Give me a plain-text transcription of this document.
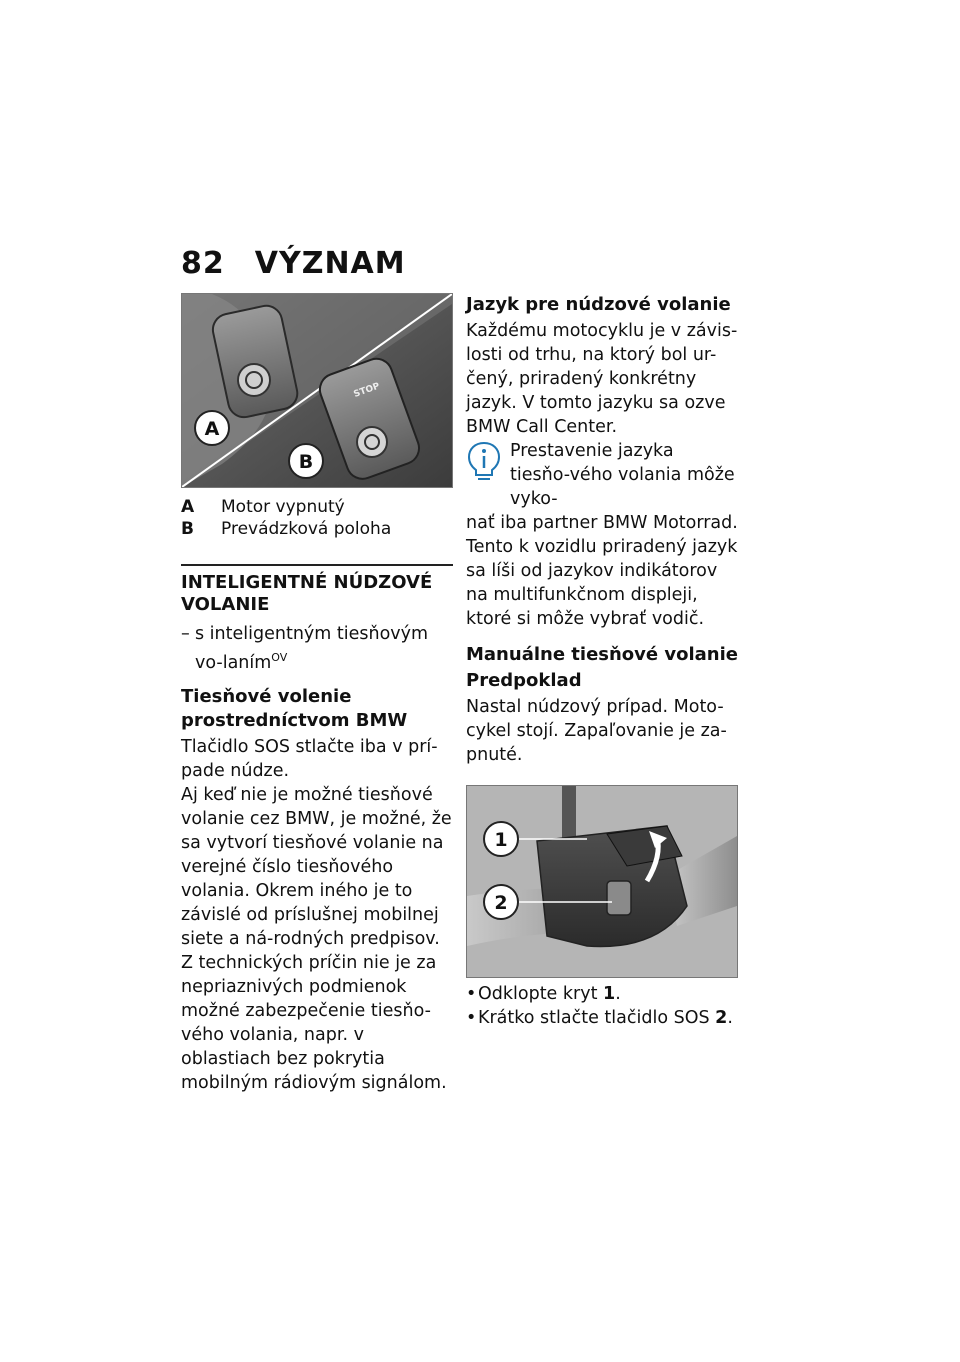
82 VÝZNAM
STOP
A
B
A	Motor vypnutý
B	Prevádzková poloha
INTELIGENTNÉ NÚDZOVÉ VOLANIE
– s inteligentným tiesňovým vo-laním$^{OV}$
Tiesňové volenie prostredníctvom BMW

Tlačidlo SOS stlačte iba v prí-pade núdze.

Aj keď nie je možné tiesňové volanie cez BMW, je možné, že sa vytvorí tiesňové volanie na verejné číslo tiesňového volania. Okrem iného je to závislé od príslušnej mobilnej siete a ná-rodných predpisov.

Z technických príčin nie je za nepriaznivých podmienok možné zabezpečenie tiesňo-vého volania, napr. v oblastiach bez pokrytia mobilným rádiovým signálom.

Jazyk pre núdzové volanie

Každému motocyklu je v závis-losti od trhu, na ktorý bol ur-čený, priradený konkrétny jazyk. V tomto jazyku sa ozve BMW Call Center.

Prestavenie jazyka tiesňo-vého volania môže vyko-

nať iba partner BMW Motorrad. Tento k vozidlu priradený jazyk sa líši od jazykov indikátorov na multifunkčnom displeji, ktoré si môže vybrať vodič.

Manuálne tiesňové volanie
Predpoklad

Nastal núdzový prípad. Moto-cykel stojí. Zapaľovanie je za-pnuté.

1
2
• Odklopte kryt 1.
• Krátko stlačte tlačidlo SOS 2.
